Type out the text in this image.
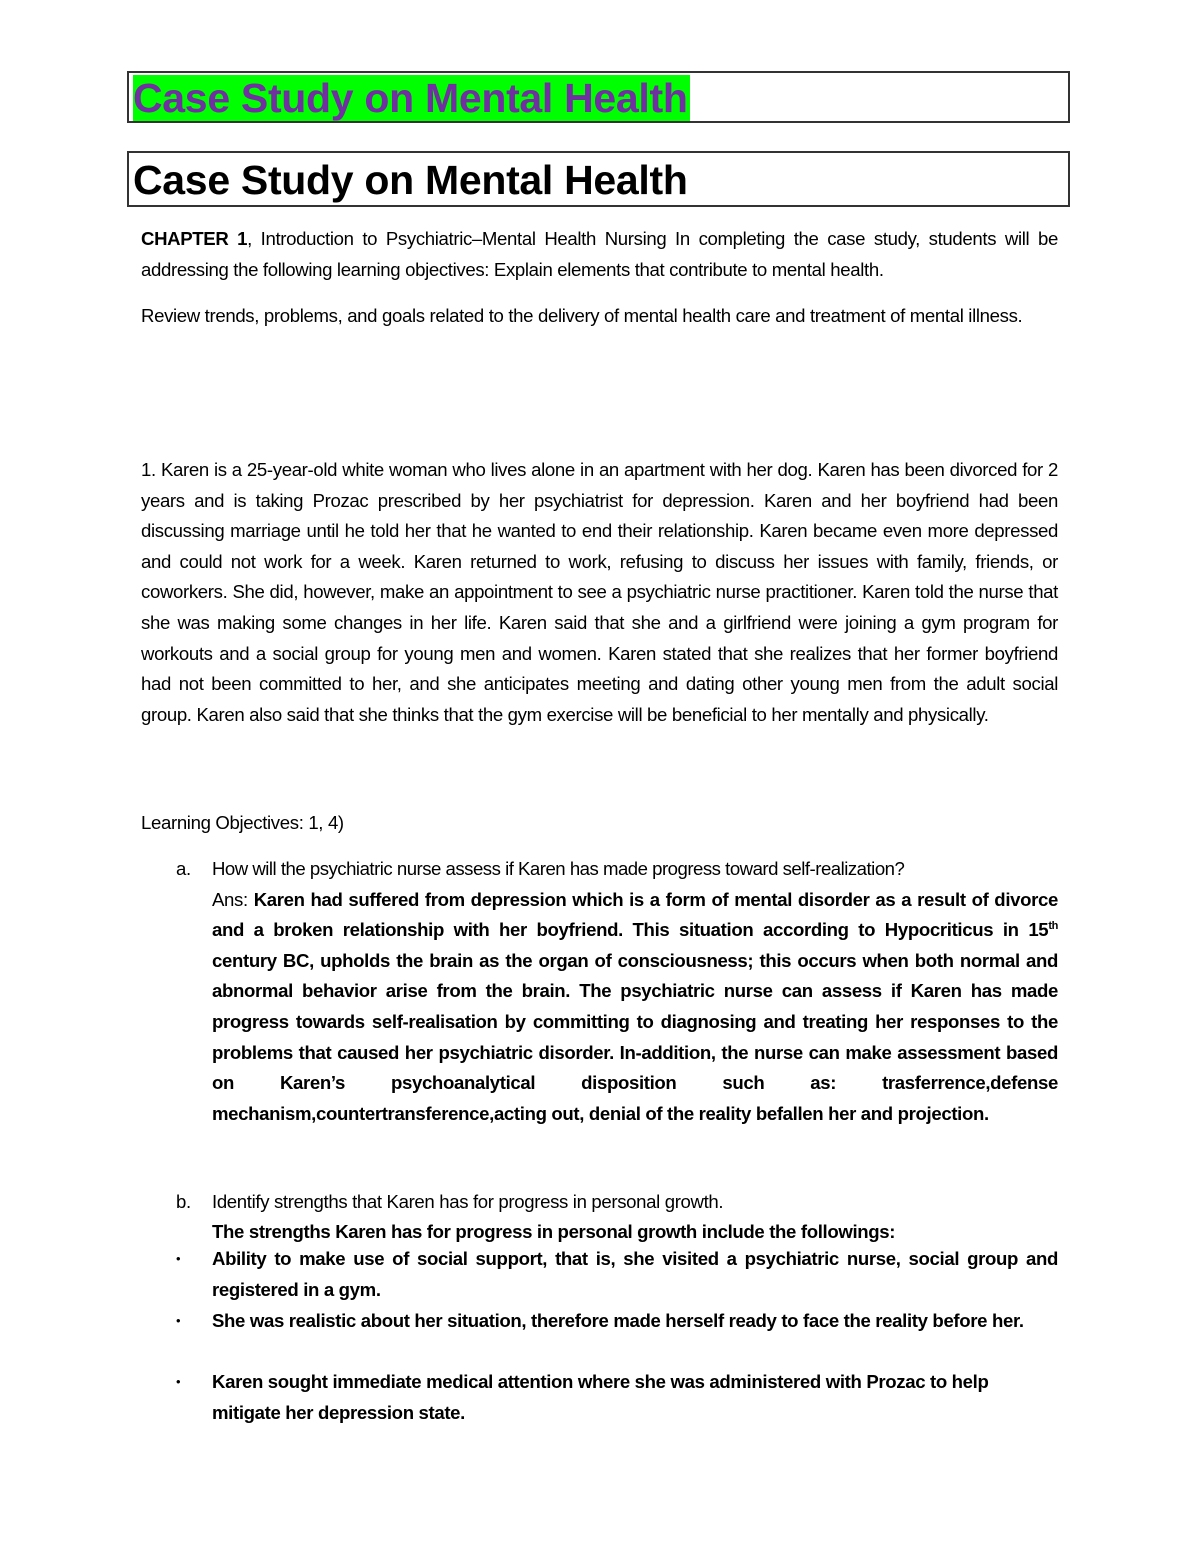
Case Study on Mental Health
Case Study on Mental Health

CHAPTER 1, Introduction to Psychiatric–Mental Health Nursing In completing the case study, students will be addressing the following learning objectives: Explain elements that contribute to mental health.

Review trends, problems, and goals related to the delivery of mental health care and treatment of mental illness.

1. Karen is a 25-year-old white woman who lives alone in an apartment with her dog. Karen has been divorced for 2 years and is taking Prozac prescribed by her psychiatrist for depression. Karen and her boyfriend had been discussing marriage until he told her that he wanted to end their relationship. Karen became even more depressed and could not work for a week. Karen returned to work, refusing to discuss her issues with family, friends, or coworkers. She did, however, make an appointment to see a psychiatric nurse practitioner. Karen told the nurse that she was making some changes in her life. Karen said that she and a girlfriend were joining a gym program for workouts and a social group for young men and women. Karen stated that she realizes that her former boyfriend had not been committed to her, and she anticipates meeting and dating other young men from the adult social group. Karen also said that she thinks that the gym exercise will be beneficial to her mentally and physically.
Learning Objectives: 1, 4)
a. How will the psychiatric nurse assess if Karen has made progress toward self-realization?
Ans: Karen had suffered from depression which is a form of mental disorder as a result of divorce and a broken relationship with her boyfriend. This situation according to Hypocriticus in 15th century BC, upholds the brain as the organ of consciousness; this occurs when both normal and abnormal behavior arise from the brain. The psychiatric nurse can assess if Karen has made progress towards self-realisation by committing to diagnosing and treating her responses to the problems that caused her psychiatric disorder. In-addition, the nurse can make assessment based on Karen’s psychoanalytical disposition such as: trasferrence,defense mechanism,countertransference,acting out, denial of the reality befallen her and projection.
b. Identify strengths that Karen has for progress in personal growth.
The strengths Karen has for progress in personal growth include the followings:
• Ability to make use of social support, that is, she visited a psychiatric nurse, social group and registered in a gym.
• She was realistic about her situation, therefore made herself ready to face the reality before her.
• Karen sought immediate medical attention where she was administered with Prozac to help mitigate her depression state.
